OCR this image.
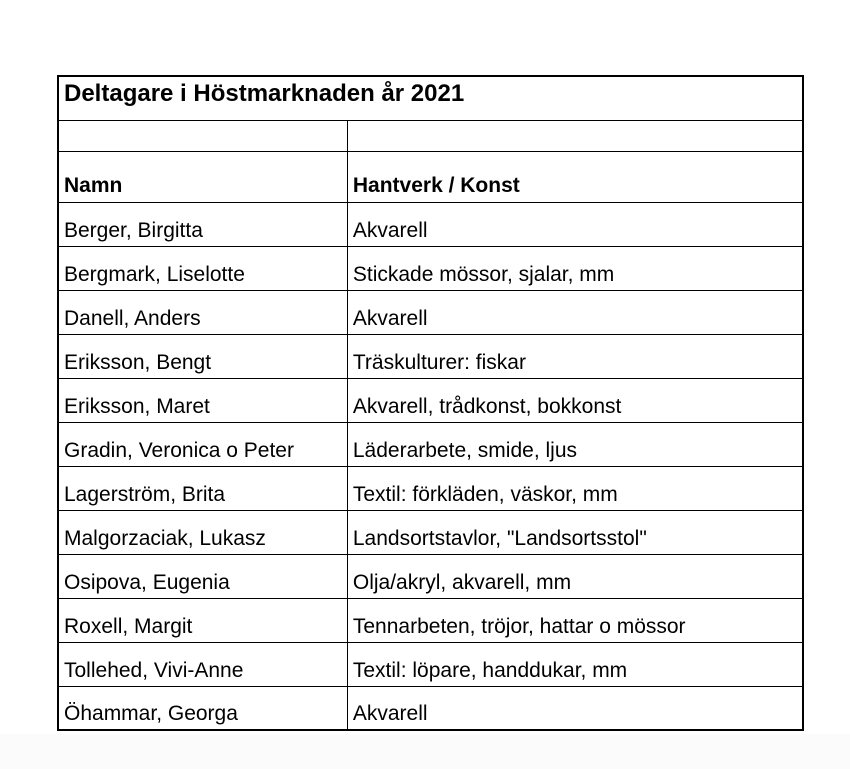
Deltagare i Höstmarknaden år 2021	

Namn	Hantverk / Konst
Berger, Birgitta	Akvarell
Bergmark, Liselotte	Stickade mössor, sjalar, mm
Danell, Anders	Akvarell
Eriksson, Bengt	Träskulturer: fiskar
Eriksson, Maret	Akvarell, trådkonst, bokkonst
Gradin, Veronica o Peter	Läderarbete, smide, ljus
Lagerström, Brita	Textil: förkläden, väskor, mm
Malgorzaciak, Lukasz	Landsortstavlor, "Landsortsstol"
Osipova, Eugenia	Olja/akryl, akvarell, mm
Roxell, Margit	Tennarbeten, tröjor, hattar o mössor
Tollehed, Vivi-Anne	Textil: löpare, handdukar, mm
Öhammar, Georga	Akvarell
